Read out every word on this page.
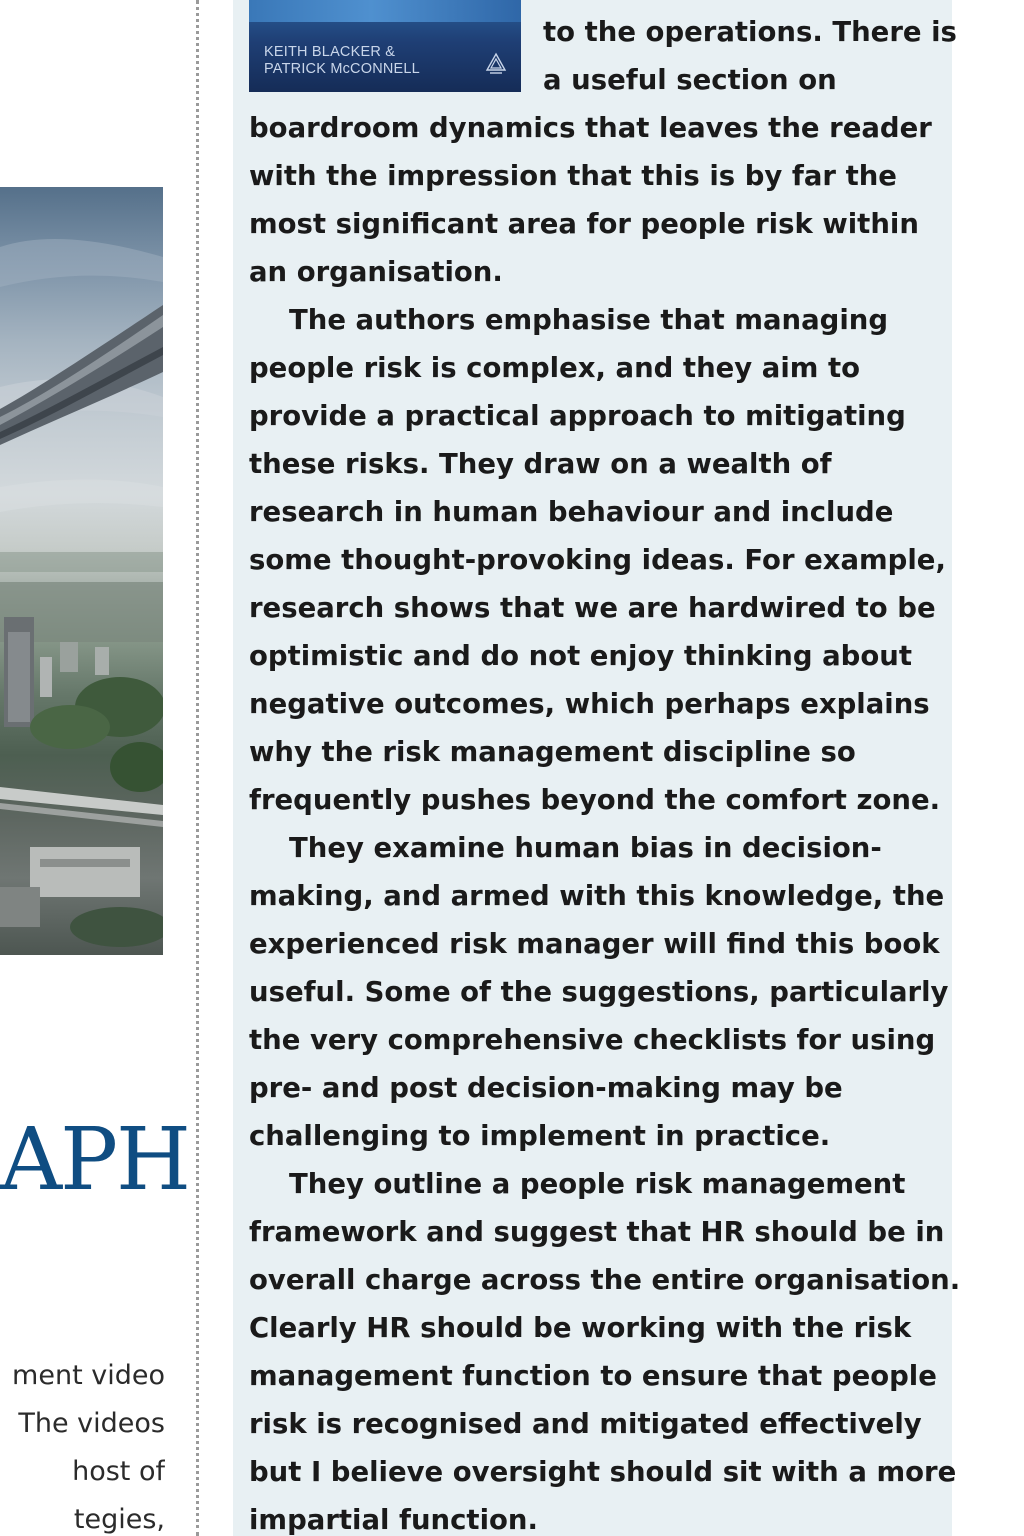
APH
ment video
The videos
host of
tegies,
KEITH BLACKER &
PATRICK McCONNELL
to the operations. There is
a useful section on
boardroom dynamics that leaves the reader
with the impression that this is by far the
most significant area for people risk within
an organisation.
The authors emphasise that managing
people risk is complex, and they aim to
provide a practical approach to mitigating
these risks. They draw on a wealth of
research in human behaviour and include
some thought-provoking ideas. For example,
research shows that we are hardwired to be
optimistic and do not enjoy thinking about
negative outcomes, which perhaps explains
why the risk management discipline so
frequently pushes beyond the comfort zone.
They examine human bias in decision-
making, and armed with this knowledge, the
experienced risk manager will find this book
useful. Some of the suggestions, particularly
the very comprehensive checklists for using
pre- and post decision-making may be
challenging to implement in practice.
They outline a people risk management
framework and suggest that HR should be in
overall charge across the entire organisation.
Clearly HR should be working with the risk
management function to ensure that people
risk is recognised and mitigated effectively
but I believe oversight should sit with a more
impartial function.
